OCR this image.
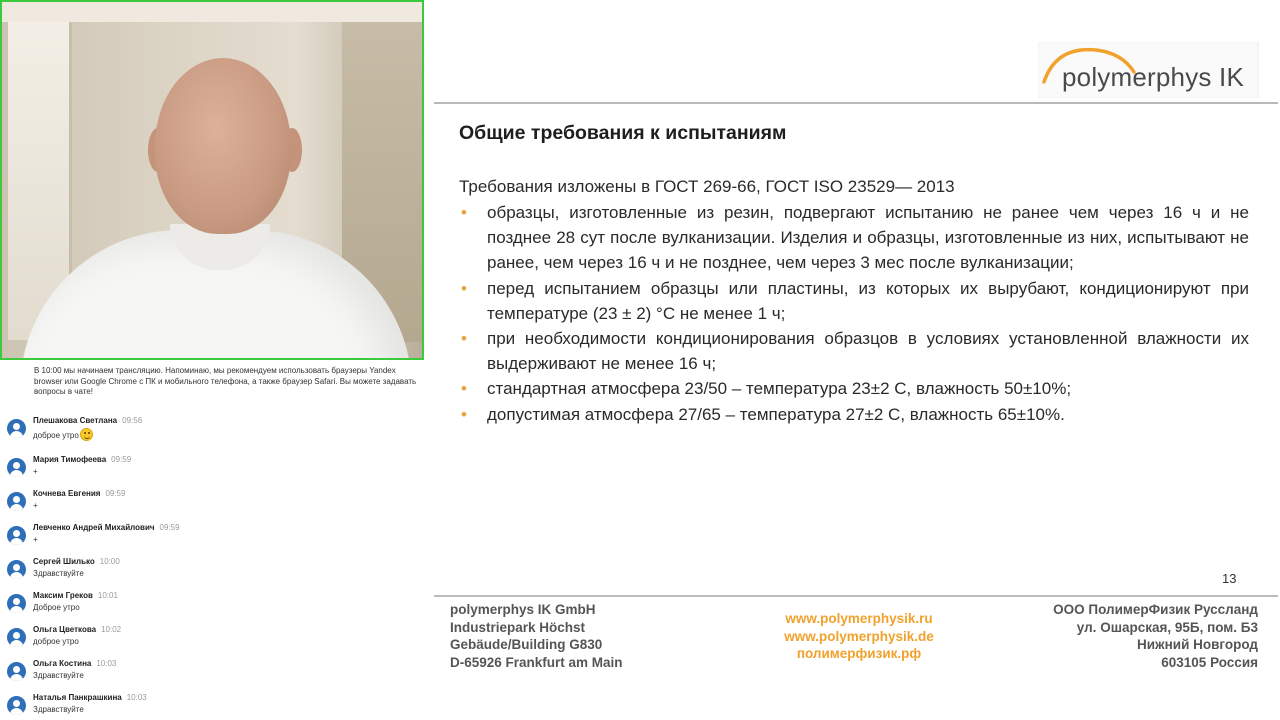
В 10:00 мы начинаем трансляцию. Напоминаю, мы рекомендуем использовать браузеры Yandex browser или Google Chrome с ПК и мобильного телефона, а также браузер Safari. Вы можете задавать вопросы в чате!
Плешакова Светлана 09:56
доброе утро
Мария Тимофеева 09:59
+
Кочнева Евгения 09:59
+
Левченко Андрей Михайлович 09:59
+
Сергей Шилько 10:00
Здравствуйте
Максим Греков 10:01
Доброе утро
Ольга Цветкова 10:02
доброе утро
Ольга Костина 10:03
Здравствуйте
Наталья Панкрашкина 10:03
Здравствуйте
polymerphys IK
Общие требования к испытаниям
Требования изложены в ГОСТ 269-66, ГОСТ ISO 23529— 2013
• образцы, изготовленные из резин, подвергают испытанию не ранее чем через 16 ч и не позднее 28 сут после вулканизации. Изделия и образцы, изготовленные из них, испытывают не ранее, чем через 16 ч и не позднее, чем через 3 мес после вулканизации;
• перед испытанием образцы или пластины, из которых их вырубают, кондиционируют при температуре (23 ± 2) °С не менее 1 ч;
• при необходимости кондиционирования образцов в условиях установленной влажности их выдерживают не менее 16 ч;
• стандартная атмосфера 23/50 – температура 23±2 С, влажность 50±10%;
• допустимая атмосфера 27/65 – температура 27±2 С, влажность 65±10%.
13
polymerphys IK GmbH
Industriepark Höchst
Gebäude/Building G830
D-65926 Frankfurt am Main
www.polymerphysik.ru
www.polymerphysik.de
полимерфизик.рф
ООО ПолимерФизик Руссланд
ул. Ошарская, 95Б, пом. Б3
Нижний Новгород
603105 Россия
